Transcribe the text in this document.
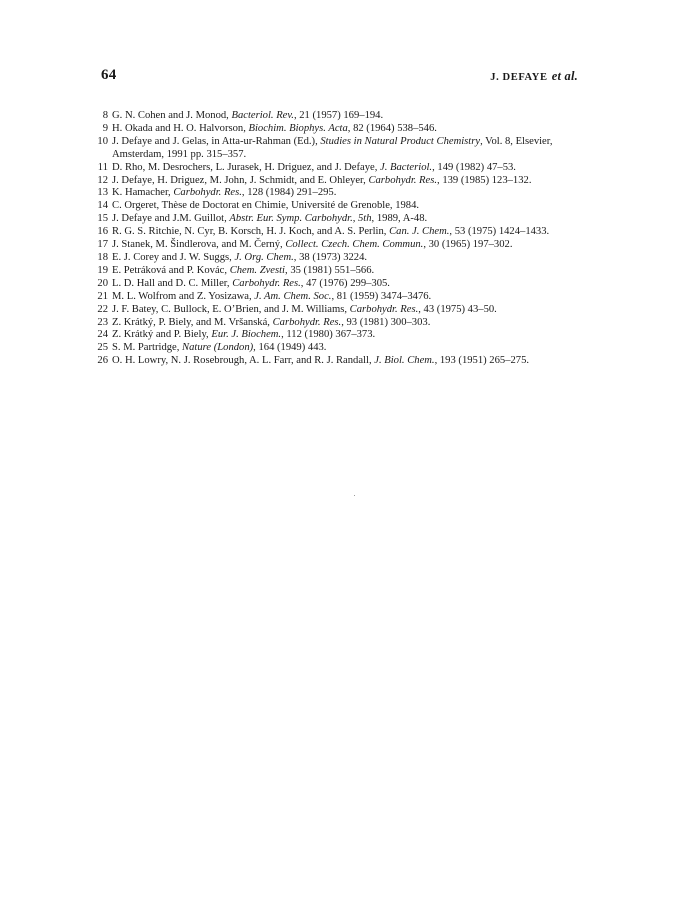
64	J. DEFAYE et al.
8 G. N. Cohen and J. Monod, Bacteriol. Rev., 21 (1957) 169–194.
9 H. Okada and H. O. Halvorson, Biochim. Biophys. Acta, 82 (1964) 538–546.
10 J. Defaye and J. Gelas, in Atta-ur-Rahman (Ed.), Studies in Natural Product Chemistry, Vol. 8, Elsevier,
Amsterdam, 1991 pp. 315–357.
11 D. Rho, M. Desrochers, L. Jurasek, H. Driguez, and J. Defaye, J. Bacteriol., 149 (1982) 47–53.
12 J. Defaye, H. Driguez, M. John, J. Schmidt, and E. Ohleyer, Carbohydr. Res., 139 (1985) 123–132.
13 K. Hamacher, Carbohydr. Res., 128 (1984) 291–295.
14 C. Orgeret, Thèse de Doctorat en Chimie, Université de Grenoble, 1984.
15 J. Defaye and J.M. Guillot, Abstr. Eur. Symp. Carbohydr., 5th, 1989, A-48.
16 R. G. S. Ritchie, N. Cyr, B. Korsch, H. J. Koch, and A. S. Perlin, Can. J. Chem., 53 (1975) 1424–1433.
17 J. Stanek, M. Šindlerova, and M. Černý, Collect. Czech. Chem. Commun., 30 (1965) 197–302.
18 E. J. Corey and J. W. Suggs, J. Org. Chem., 38 (1973) 3224.
19 E. Petráková and P. Kovác, Chem. Zvesti, 35 (1981) 551–566.
20 L. D. Hall and D. C. Miller, Carbohydr. Res., 47 (1976) 299–305.
21 M. L. Wolfrom and Z. Yosizawa, J. Am. Chem. Soc., 81 (1959) 3474–3476.
22 J. F. Batey, C. Bullock, E. O’Brien, and J. M. Williams, Carbohydr. Res., 43 (1975) 43–50.
23 Z. Krátký, P. Biely, and M. Vršanská, Carbohydr. Res., 93 (1981) 300–303.
24 Z. Krátký and P. Biely, Eur. J. Biochem., 112 (1980) 367–373.
25 S. M. Partridge, Nature (London), 164 (1949) 443.
26 O. H. Lowry, N. J. Rosebrough, A. L. Farr, and R. J. Randall, J. Biol. Chem., 193 (1951) 265–275.
